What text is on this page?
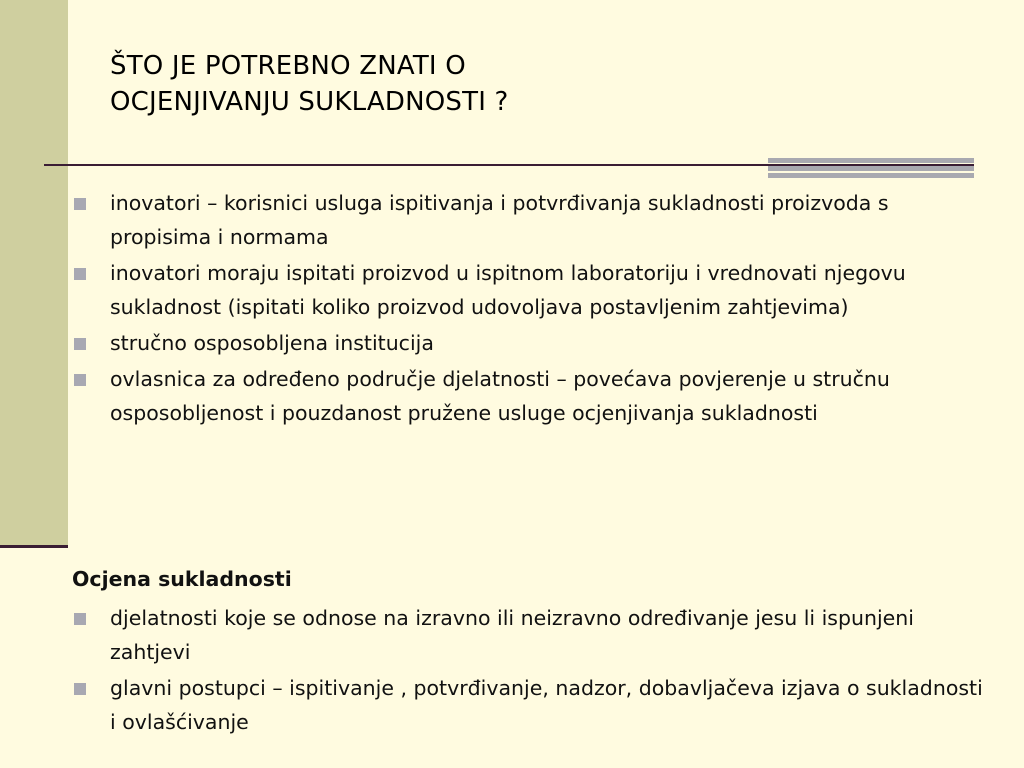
ŠTO JE POTREBNO ZNATI O
OCJENJIVANJU SUKLADNOSTI ?
inovatori – korisnici usluga ispitivanja i potvrđivanja sukladnosti proizvoda s propisima i normama
inovatori moraju ispitati proizvod u ispitnom laboratoriju i vrednovati njegovu sukladnost (ispitati koliko proizvod udovoljava postavljenim zahtjevima)
stručno osposobljena institucija
ovlasnica za određeno područje djelatnosti – povećava povjerenje u stručnu osposobljenost i pouzdanost pružene usluge ocjenjivanja sukladnosti
Ocjena sukladnosti
djelatnosti koje se odnose na izravno ili neizravno određivanje jesu li ispunjeni zahtjevi
glavni postupci – ispitivanje , potvrđivanje, nadzor, dobavljačeva izjava o sukladnosti i ovlašćivanje
